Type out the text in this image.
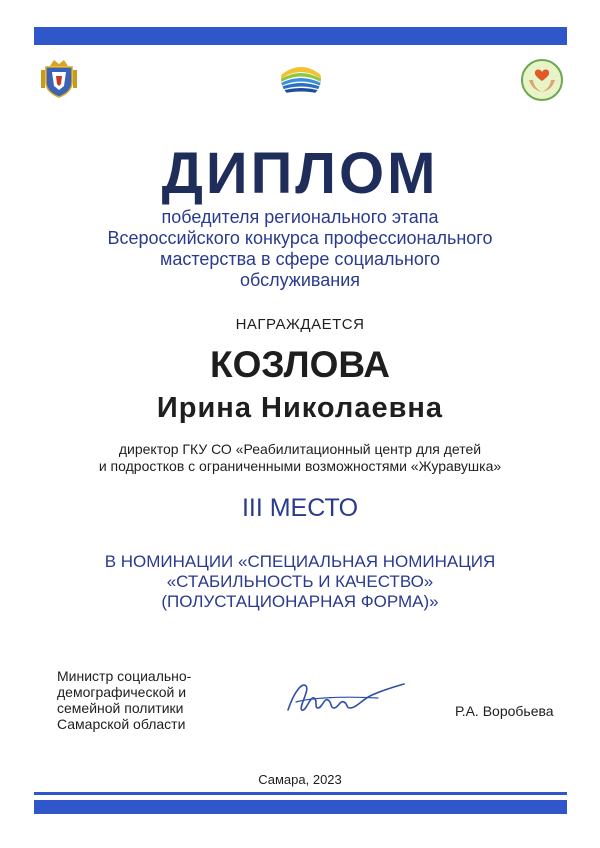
ДИПЛОМ
победителя регионального этапа
Всероссийского конкурса профессионального
мастерства в сфере социального
обслуживания
НАГРАЖДАЕТСЯ
КОЗЛОВА
Ирина Николаевна
директор ГКУ СО «Реабилитационный центр для детей
и подростков с ограниченными возможностями «Журавушка»
III МЕСТО
В НОМИНАЦИИ «СПЕЦИАЛЬНАЯ НОМИНАЦИЯ
«СТАБИЛЬНОСТЬ И КАЧЕСТВО»
(ПОЛУСТАЦИОНАРНАЯ ФОРМА)»
Министр социально-
демографической и
семейной политики
Самарской области
Р.А. Воробьева
Самара, 2023
